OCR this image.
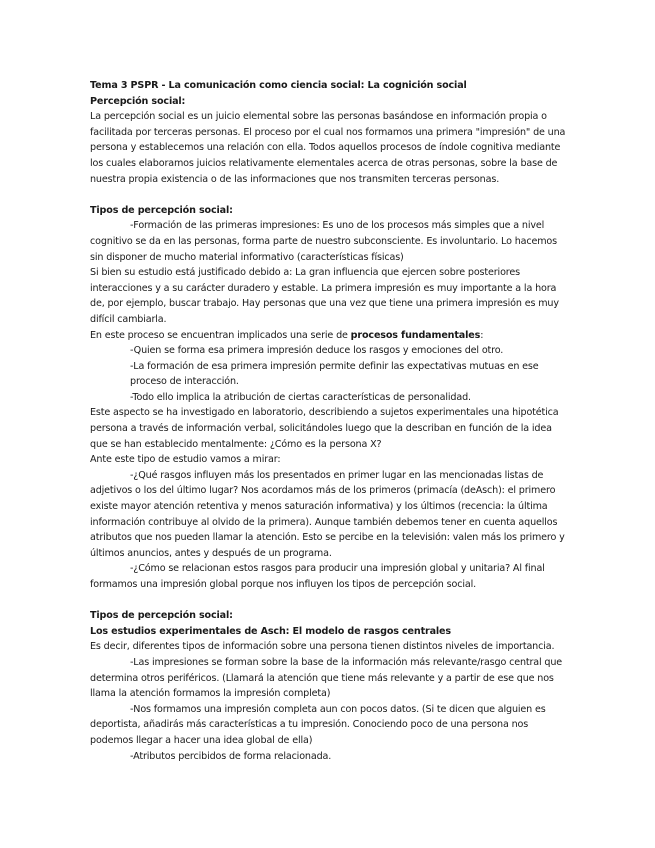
Tema 3 PSPR - La comunicación como ciencia social: La cognición social

Percepción social:

La percepción social es un juicio elemental sobre las personas basándose en información propia o facilitada por terceras personas. El proceso por el cual nos formamos una primera "impresión" de una persona y establecemos una relación con ella. Todos aquellos procesos de índole cognitiva mediante los cuales elaboramos juicios relativamente elementales acerca de otras personas, sobre la base de nuestra propia existencia o de las informaciones que nos transmiten terceras personas.

Tipos de percepción social:

-Formación de las primeras impresiones: Es uno de los procesos más simples que a nivel cognitivo se da en las personas, forma parte de nuestro subconsciente. Es involuntario. Lo hacemos sin disponer de mucho material informativo (características físicas)

Si bien su estudio está justificado debido a: La gran influencia que ejercen sobre posteriores interacciones y a su carácter duradero y estable. La primera impresión es muy importante a la hora de, por ejemplo, buscar trabajo. Hay personas que una vez que tiene una primera impresión es muy difícil cambiarla.

En este proceso se encuentran implicados una serie de procesos fundamentales:

-Quien se forma esa primera impresión deduce los rasgos y emociones del otro.

-La formación de esa primera impresión permite definir las expectativas mutuas en ese proceso de interacción.

-Todo ello implica la atribución de ciertas características de personalidad.

Este aspecto se ha investigado en laboratorio, describiendo a sujetos experimentales una hipotética persona a través de información verbal, solicitándoles luego que la describan en función de la idea que se han establecido mentalmente: ¿Cómo es la persona X?

Ante este tipo de estudio vamos a mirar:

-¿Qué rasgos influyen más los presentados en primer lugar en las mencionadas listas de adjetivos o los del último lugar? Nos acordamos más de los primeros (primacía (deAsch): el primero existe mayor atención retentiva y menos saturación informativa) y los últimos (recencia: la última información contribuye al olvido de la primera). Aunque también debemos tener en cuenta aquellos atributos que nos pueden llamar la atención. Esto se percibe en la televisión: valen más los primero y últimos anuncios, antes y después de un programa.

-¿Cómo se relacionan estos rasgos para producir una impresión global y unitaria? Al final formamos una impresión global porque nos influyen los tipos de percepción social.

Tipos de percepción social:

Los estudios experimentales de Asch: El modelo de rasgos centrales

Es decir, diferentes tipos de información sobre una persona tienen distintos niveles de importancia.

-Las impresiones se forman sobre la base de la información más relevante/rasgo central que determina otros periféricos. (Llamará la atención que tiene más relevante y a partir de ese que nos llama la atención formamos la impresión completa)

-Nos formamos una impresión completa aun con pocos datos. (Si te dicen que alguien es deportista, añadirás más características a tu impresión. Conociendo poco de una persona nos podemos llegar a hacer una idea global de ella)

-Atributos percibidos de forma relacionada.
